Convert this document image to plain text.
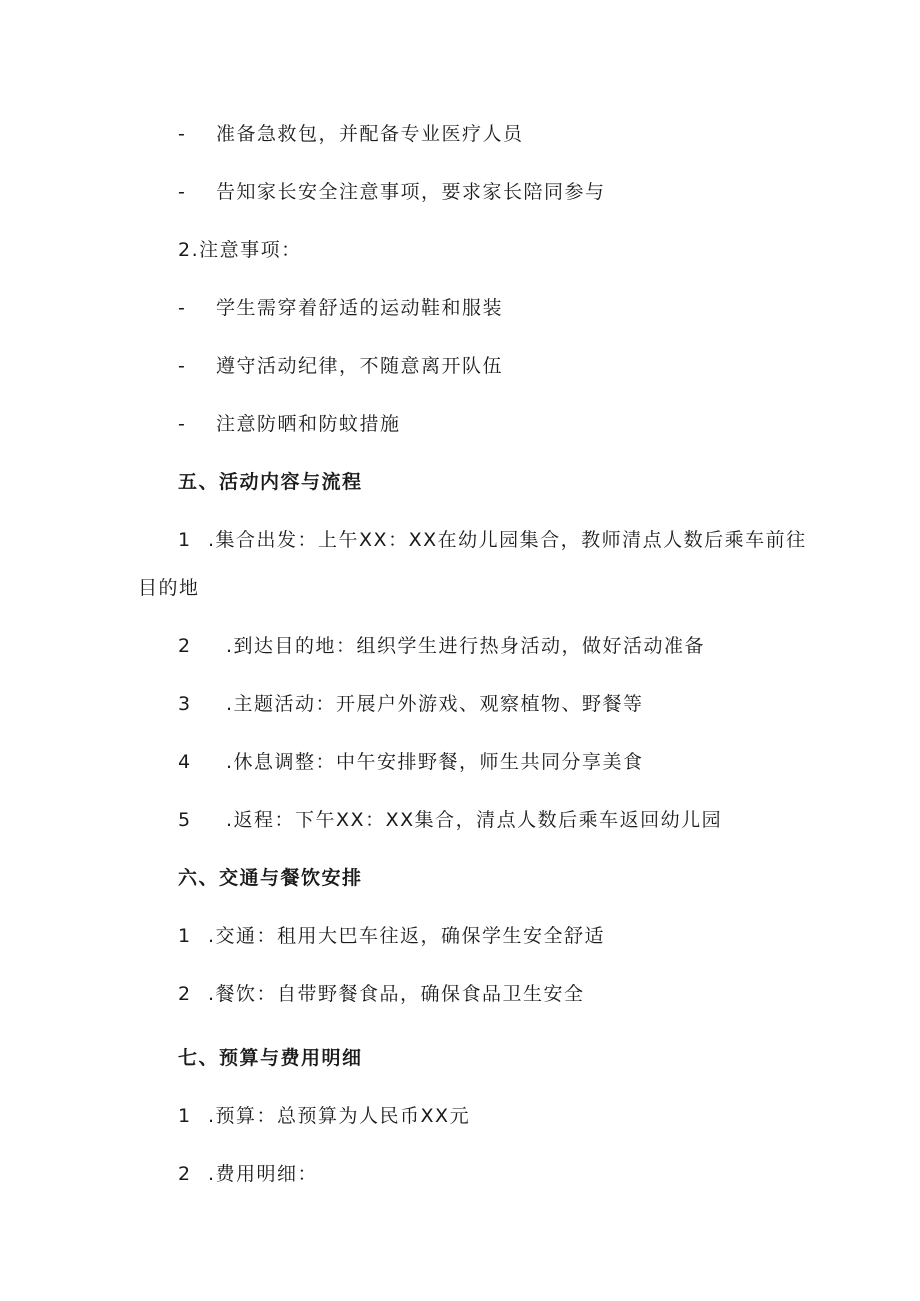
- 准备急救包，并配备专业医疗人员
- 告知家长安全注意事项，要求家长陪同参与
2.注意事项：
- 学生需穿着舒适的运动鞋和服装
- 遵守活动纪律，不随意离开队伍
- 注意防晒和防蚊措施
五、活动内容与流程
1 .集合出发：上午XX：XX在幼儿园集合，教师清点人数后乘车前往
目的地
2 .到达目的地：组织学生进行热身活动，做好活动准备
3 .主题活动：开展户外游戏、观察植物、野餐等
4 .休息调整：中午安排野餐，师生共同分享美食
5 .返程：下午XX：XX集合，清点人数后乘车返回幼儿园
六、交通与餐饮安排
1 .交通：租用大巴车往返，确保学生安全舒适
2 .餐饮：自带野餐食品，确保食品卫生安全
七、预算与费用明细
1 .预算：总预算为人民币XX元
2 .费用明细：
